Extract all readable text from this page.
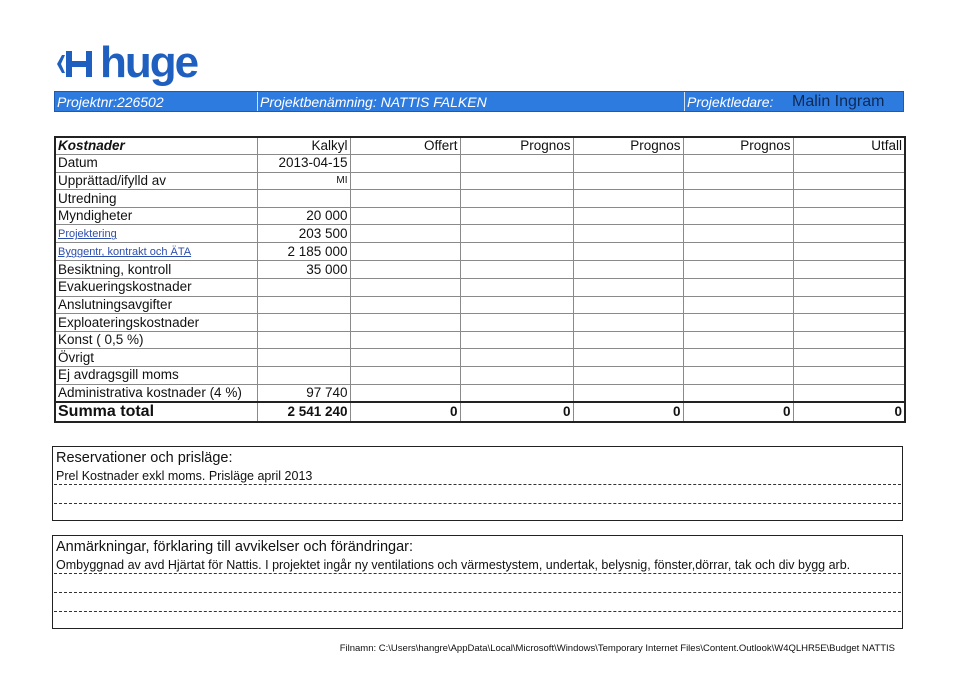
huge
Projektnr:226502	Projektbenämning: NATTIS FALKEN	Projektledare:	Malin Ingram
Kostnader	Kalkyl	Offert	Prognos	Prognos	Prognos	Utfall
Datum	2013-04-15					
Upprättad/ifylld av	MI					
Utredning						
Myndigheter	20 000					
Projektering	203 500					
Byggentr, kontrakt och ÄTA	2 185 000					
Besiktning, kontroll	35 000					
Evakueringskostnader						
Anslutningsavgifter						
Exploateringskostnader						
Konst ( 0,5 %)						
Övrigt						
Ej avdragsgill moms						
Administrativa kostnader (4 %)	97 740					
Summa total	2 541 240	0	0	0	0	0
Reservationer och prisläge:
Prel Kostnader exkl moms. Prisläge april 2013
Anmärkningar, förklaring till avvikelser och förändringar:
Ombyggnad av avd Hjärtat för Nattis. I projektet ingår ny ventilations och värmestystem, undertak, belysnig, fönster,dörrar, tak och div bygg arb.
Filnamn: C:\Users\hangre\AppData\Local\Microsoft\Windows\Temporary Internet Files\Content.Outlook\W4QLHR5E\Budget NATTIS
